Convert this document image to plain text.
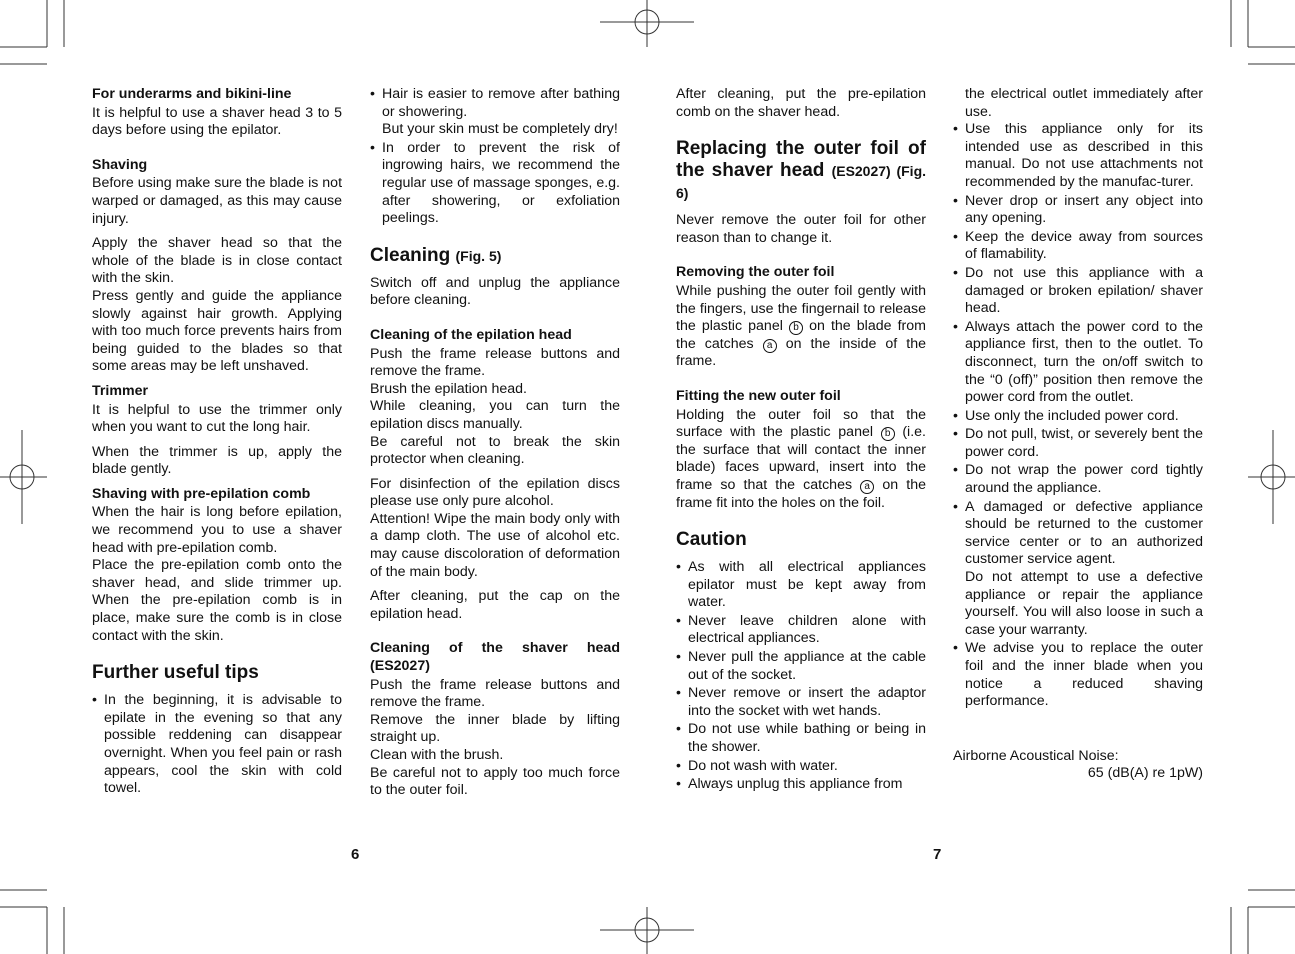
For underarms and bikini-line

It is helpful to use a shaver head 3 to 5 days before using the epilator.

Shaving

Before using make sure the blade is not warped or damaged, as this may cause injury.

Apply the shaver head so that the whole of the blade is in close contact with the skin.

Press gently and guide the appliance slowly against hair growth. Applying with too much force prevents hairs from being guided to the blades so that some areas may be left unshaved.

Trimmer

It is helpful to use the trimmer only when you want to cut the long hair.

When the trimmer is up, apply the blade gently.

Shaving with pre-epilation comb

When the hair is long before epilation, we recommend you to use a shaver head with pre-epilation comb.

Place the pre-epilation comb onto the shaver head, and slide trimmer up. When the pre-epilation comb is in place, make sure the comb is in close contact with the skin.

Further useful tips
• In the beginning, it is advisable to epilate in the evening so that any possible reddening can disappear overnight. When you feel pain or rash appears, cool the skin with cold towel.
• Hair is easier to remove after bathing or showering.
But your skin must be completely dry!
• In order to prevent the risk of ingrowing hairs, we recommend the regular use of massage sponges, e.g. after showering, or exfoliation peelings.
Cleaning (Fig. 5)

Switch off and unplug the appliance before cleaning.

Cleaning of the epilation head
Push the frame release buttons and remove the frame.
Brush the epilation head.
While cleaning, you can turn the epilation discs manually.

Be careful not to break the skin protector when cleaning.

For disinfection of the epilation discs please use only pure alcohol.

Attention! Wipe the main body only with a damp cloth. The use of alcohol etc. may cause discoloration of deformation of the main body.

After cleaning, put the cap on the epilation head.

Cleaning of the shaver head (ES2027)
Push the frame release buttons and remove the frame.
Remove the inner blade by lifting straight up.
Clean with the brush.
Be careful not to apply too much force to the outer foil.

After cleaning, put the pre-epilation comb on the shaver head.

Replacing the outer foil of the shaver head (ES2027) (Fig. 6)

Never remove the outer foil for other reason than to change it.

Removing the outer foil

While pushing the outer foil gently with the fingers, use the fingernail to release the plastic panel b on the blade from the catches a on the inside of the frame.

Fitting the new outer foil

Holding the outer foil so that the surface with the plastic panel b (i.e. the surface that will contact the inner blade) faces upward, insert into the frame so that the catches a on the frame fit into the holes on the foil.

Caution
• As with all electrical appliances epilator must be kept away from water.
• Never leave children alone with electrical appliances.
• Never pull the appliance at the cable out of the socket.
• Never remove or insert the adaptor into the socket with wet hands.
• Do not use while bathing or being in the shower.
• Do not wash with water.
• Always unplug this appliance from
the electrical outlet immediately after use.
• Use this appliance only for its intended use as described in this manual. Do not use attachments not recommended by the manufac-turer.
• Never drop or insert any object into any opening.
• Keep the device away from sources of flamability.
• Do not use this appliance with a damaged or broken epilation/ shaver head.
• Always attach the power cord to the appliance first, then to the outlet. To disconnect, turn the on/off switch to the “0 (off)” position then remove the power cord from the outlet.
• Use only the included power cord.
• Do not pull, twist, or severely bent the power cord.
• Do not wrap the power cord tightly around the appliance.
• A damaged or defective appliance should be returned to the customer service center or to an authorized customer service agent.
Do not attempt to use a defective appliance or repair the appliance yourself. You will also loose in such a case your warranty.
• We advise you to replace the outer foil and the inner blade when you notice a reduced shaving performance.
Airborne Acoustical Noise:
65 (dB(A) re 1pW)
6	7
